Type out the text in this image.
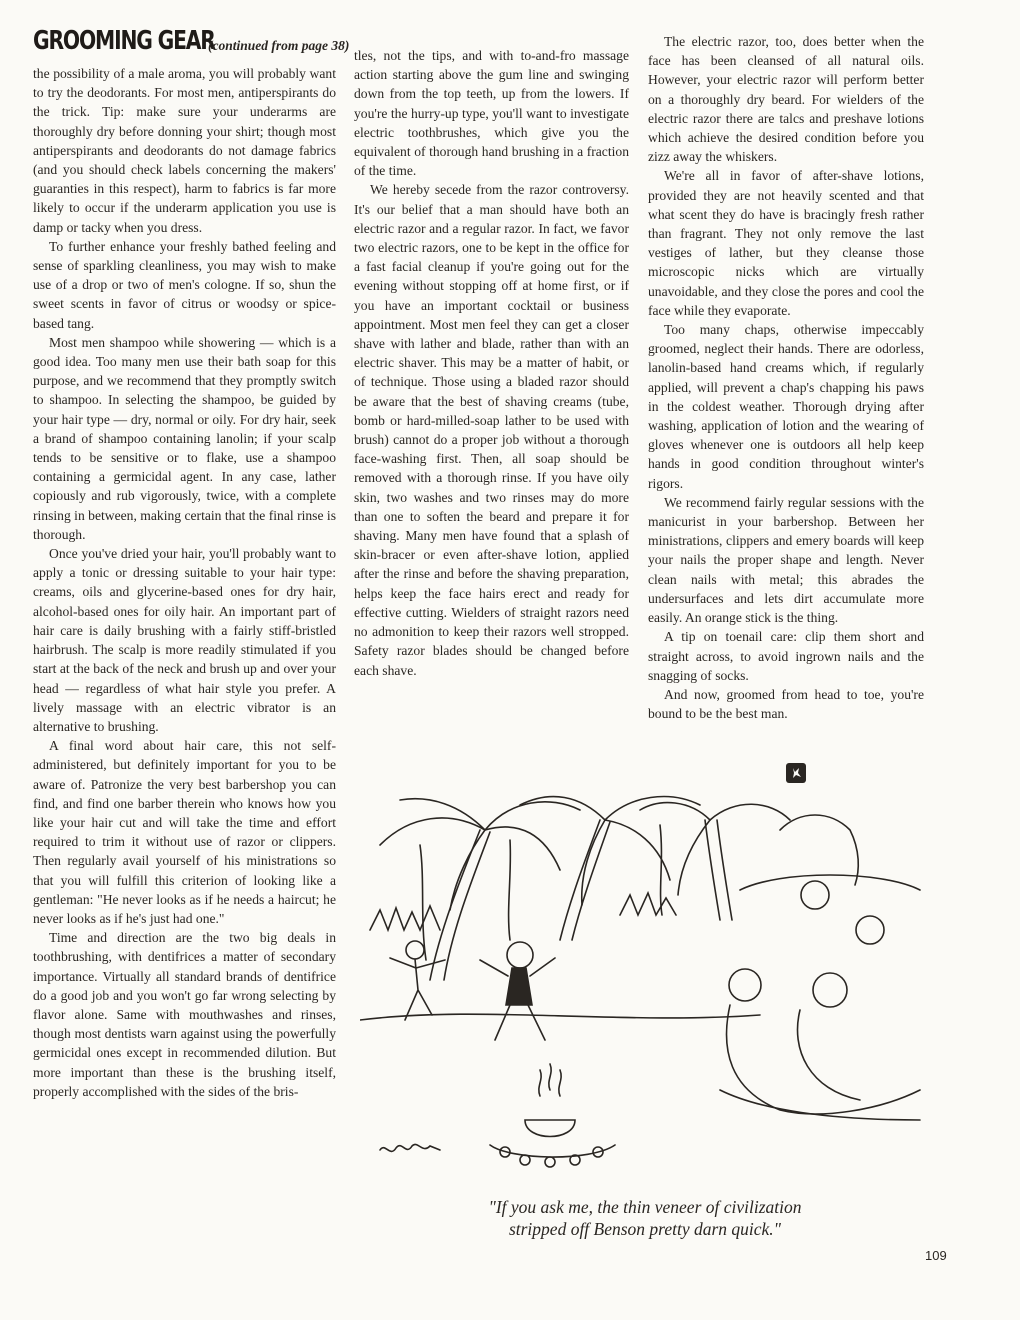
GROOMING GEAR
(continued from page 38)

the possibility of a male aroma, you will probably want to try the deodorants. For most men, antiperspirants do the trick. Tip: make sure your underarms are thoroughly dry before donning your shirt; though most antiperspirants and deodorants do not damage fabrics (and you should check labels concerning the makers' guaranties in this respect), harm to fabrics is far more likely to occur if the underarm application you use is damp or tacky when you dress.

To further enhance your freshly bathed feeling and sense of sparkling cleanliness, you may wish to make use of a drop or two of men's cologne. If so, shun the sweet scents in favor of citrus or woodsy or spice-based tang.

Most men shampoo while showering — which is a good idea. Too many men use their bath soap for this purpose, and we recommend that they promptly switch to shampoo. In selecting the shampoo, be guided by your hair type — dry, normal or oily. For dry hair, seek a brand of shampoo containing lanolin; if your scalp tends to be sensitive or to flake, use a shampoo containing a germicidal agent. In any case, lather copiously and rub vigorously, twice, with a complete rinsing in between, making certain that the final rinse is thorough.

Once you've dried your hair, you'll probably want to apply a tonic or dressing suitable to your hair type: creams, oils and glycerine-based ones for dry hair, alcohol-based ones for oily hair. An important part of hair care is daily brushing with a fairly stiff-bristled hairbrush. The scalp is more readily stimulated if you start at the back of the neck and brush up and over your head — regardless of what hair style you prefer. A lively massage with an electric vibrator is an alternative to brushing.

A final word about hair care, this not self-administered, but definitely important for you to be aware of. Patronize the very best barbershop you can find, and find one barber therein who knows how you like your hair cut and will take the time and effort required to trim it without use of razor or clippers. Then regularly avail yourself of his ministrations so that you will fulfill this criterion of looking like a gentleman: "He never looks as if he needs a haircut; he never looks as if he's just had one."

Time and direction are the two big deals in toothbrushing, with dentifrices a matter of secondary importance. Virtually all standard brands of dentifrice do a good job and you won't go far wrong selecting by flavor alone. Same with mouthwashes and rinses, though most dentists warn against using the powerfully germicidal ones except in recommended dilution. But more important than these is the brushing itself, properly accomplished with the sides of the bris-

tles, not the tips, and with to-and-fro massage action starting above the gum line and swinging down from the top teeth, up from the lowers. If you're the hurry-up type, you'll want to investigate electric toothbrushes, which give you the equivalent of thorough hand brushing in a fraction of the time.

We hereby secede from the razor controversy. It's our belief that a man should have both an electric razor and a regular razor. In fact, we favor two electric razors, one to be kept in the office for a fast facial cleanup if you're going out for the evening without stopping off at home first, or if you have an important cocktail or business appointment. Most men feel they can get a closer shave with lather and blade, rather than with an electric shaver. This may be a matter of habit, or of technique. Those using a bladed razor should be aware that the best of shaving creams (tube, bomb or hard-milled-soap lather to be used with brush) cannot do a proper job without a thorough face-washing first. Then, all soap should be removed with a thorough rinse. If you have oily skin, two washes and two rinses may do more than one to soften the beard and prepare it for shaving. Many men have found that a splash of skin-bracer or even after-shave lotion, applied after the rinse and before the shaving preparation, helps keep the face hairs erect and ready for effective cutting. Wielders of straight razors need no admonition to keep their razors well stropped. Safety razor blades should be changed before each shave.

The electric razor, too, does better when the face has been cleansed of all natural oils. However, your electric razor will perform better on a thoroughly dry beard. For wielders of the electric razor there are talcs and preshave lotions which achieve the desired condition before you zizz away the whiskers.

We're all in favor of after-shave lotions, provided they are not heavily scented and that what scent they do have is bracingly fresh rather than fragrant. They not only remove the last vestiges of lather, but they cleanse those microscopic nicks which are virtually unavoidable, and they close the pores and cool the face while they evaporate.

Too many chaps, otherwise impeccably groomed, neglect their hands. There are odorless, lanolin-based hand creams which, if regularly applied, will prevent a chap's chapping his paws in the coldest weather. Thorough drying after washing, application of lotion and the wearing of gloves whenever one is outdoors all help keep hands in good condition throughout winter's rigors.

We recommend fairly regular sessions with the manicurist in your barbershop. Between her ministrations, clippers and emery boards will keep your nails the proper shape and length. Never clean nails with metal; this abrades the undersurfaces and lets dirt accumulate more easily. An orange stick is the thing.

A tip on toenail care: clip them short and straight across, to avoid ingrown nails and the snagging of socks.

And now, groomed from head to toe, you're bound to be the best man.

"If you ask me, the thin veneer of civilization
stripped off Benson pretty darn quick."
109
